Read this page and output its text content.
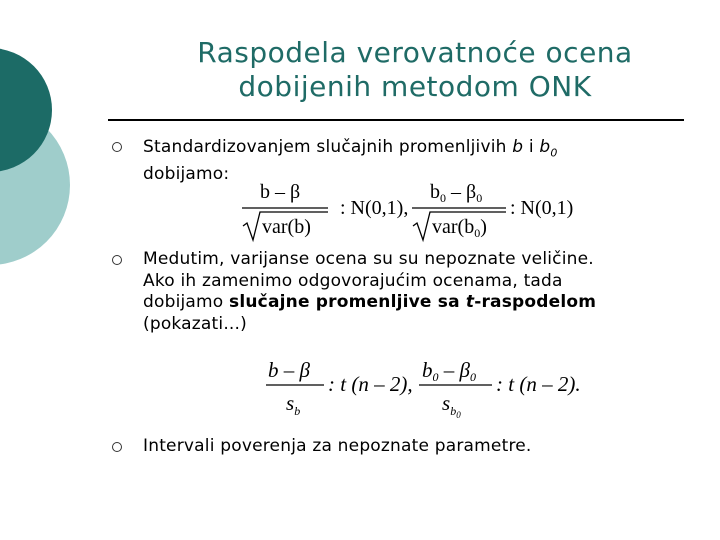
Raspodela verovatnoće ocena
dobijenih metodom ONK
Standardizovanjem slučajnih promenljivih b i $b_0$
dobijamo:
b – β
var(b)
: N(0,1),
$b_0 - \beta_0$
$var(b_0)$
: N(0,1)
Medutim, varijanse ocena su su nepoznate veličine.
Ako ih zamenimo odgovorajućim ocenama, tada
dobijamo slučajne promenljive sa t-raspodelom
(pokazati...)
b – β
$s_b$
: t (n – 2),
b0 – β0
$s_b0$
: t (n – 2).
Intervali poverenja za nepoznate parametre.
